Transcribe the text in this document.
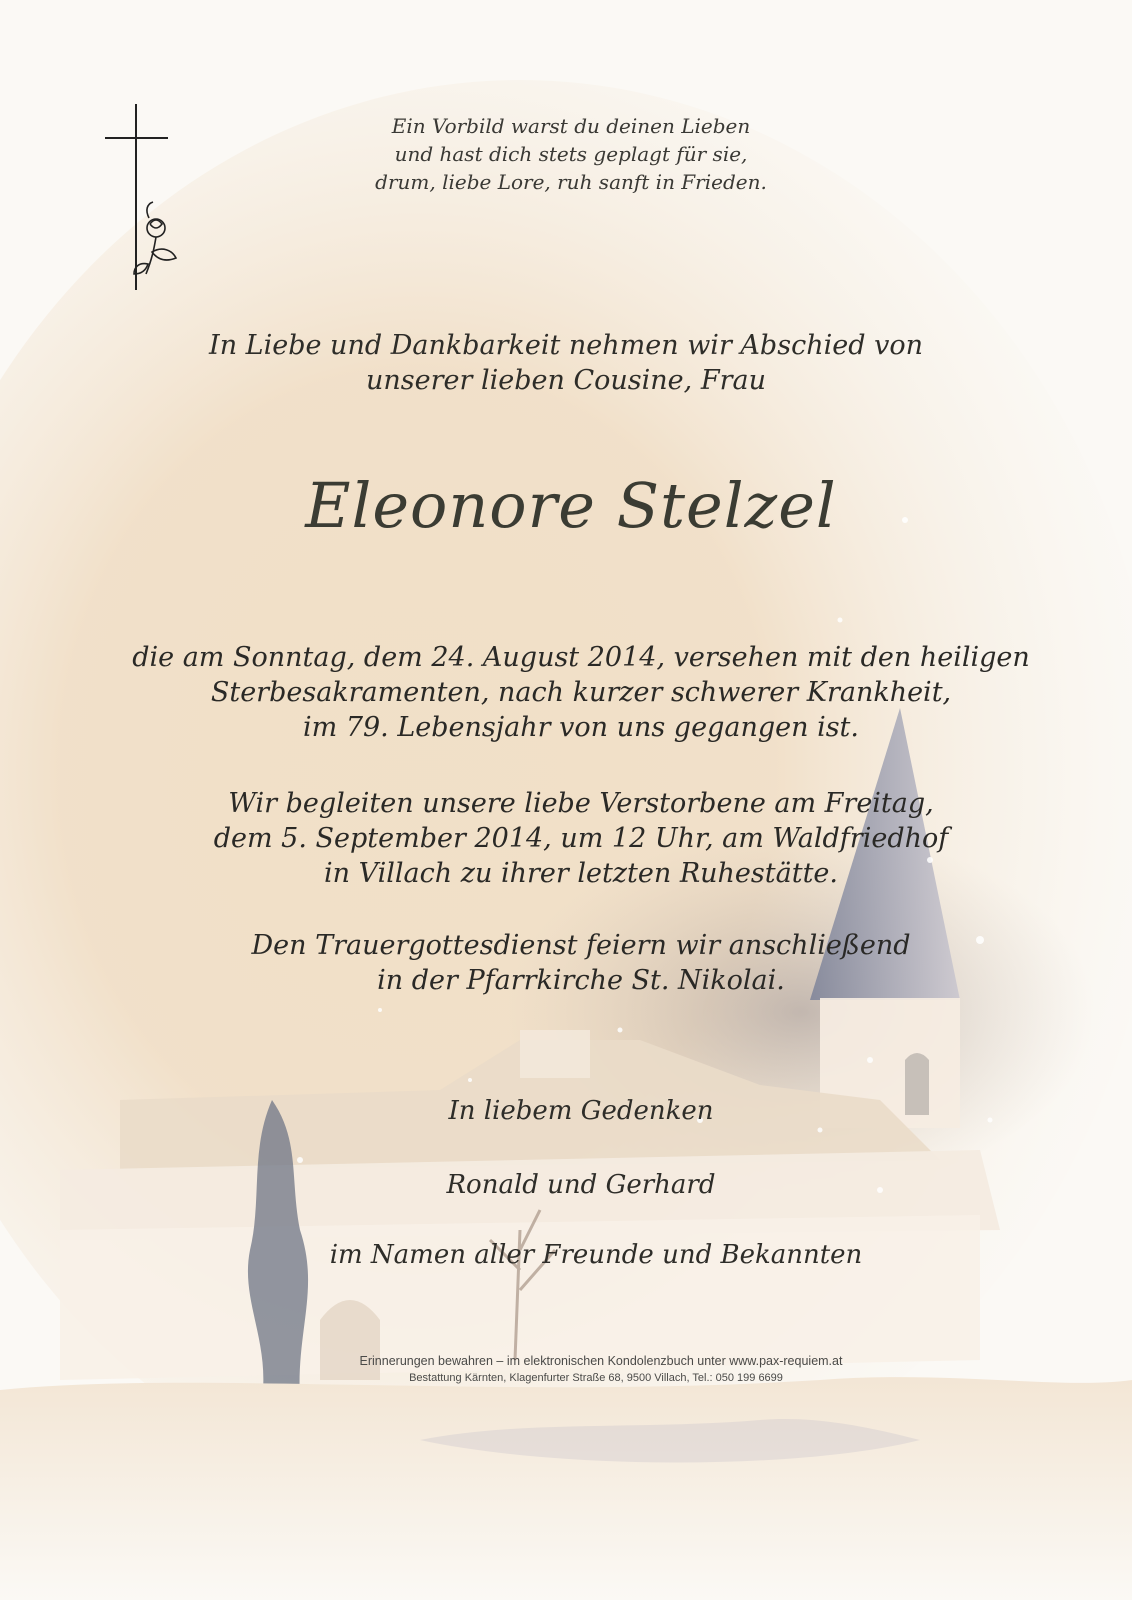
Ein Vorbild warst du deinen Lieben
und hast dich stets geplagt für sie,
drum, liebe Lore, ruh sanft in Frieden.
In Liebe und Dankbarkeit nehmen wir Abschied von
unserer lieben Cousine, Frau
Eleonore Stelzel
die am Sonntag, dem 24. August 2014, versehen mit den heiligen
Sterbesakramenten, nach kurzer schwerer Krankheit,
im 79. Lebensjahr von uns gegangen ist.
Wir begleiten unsere liebe Verstorbene am Freitag,
dem 5. September 2014, um 12 Uhr, am Waldfriedhof
in Villach zu ihrer letzten Ruhestätte.
Den Trauergottesdienst feiern wir anschließend
in der Pfarrkirche St. Nikolai.
In liebem Gedenken
Ronald und Gerhard
im Namen aller Freunde und Bekannten
Erinnerungen bewahren – im elektronischen Kondolenzbuch unter www.pax-requiem.at
Bestattung Kärnten, Klagenfurter Straße 68, 9500 Villach, Tel.: 050 199 6699
